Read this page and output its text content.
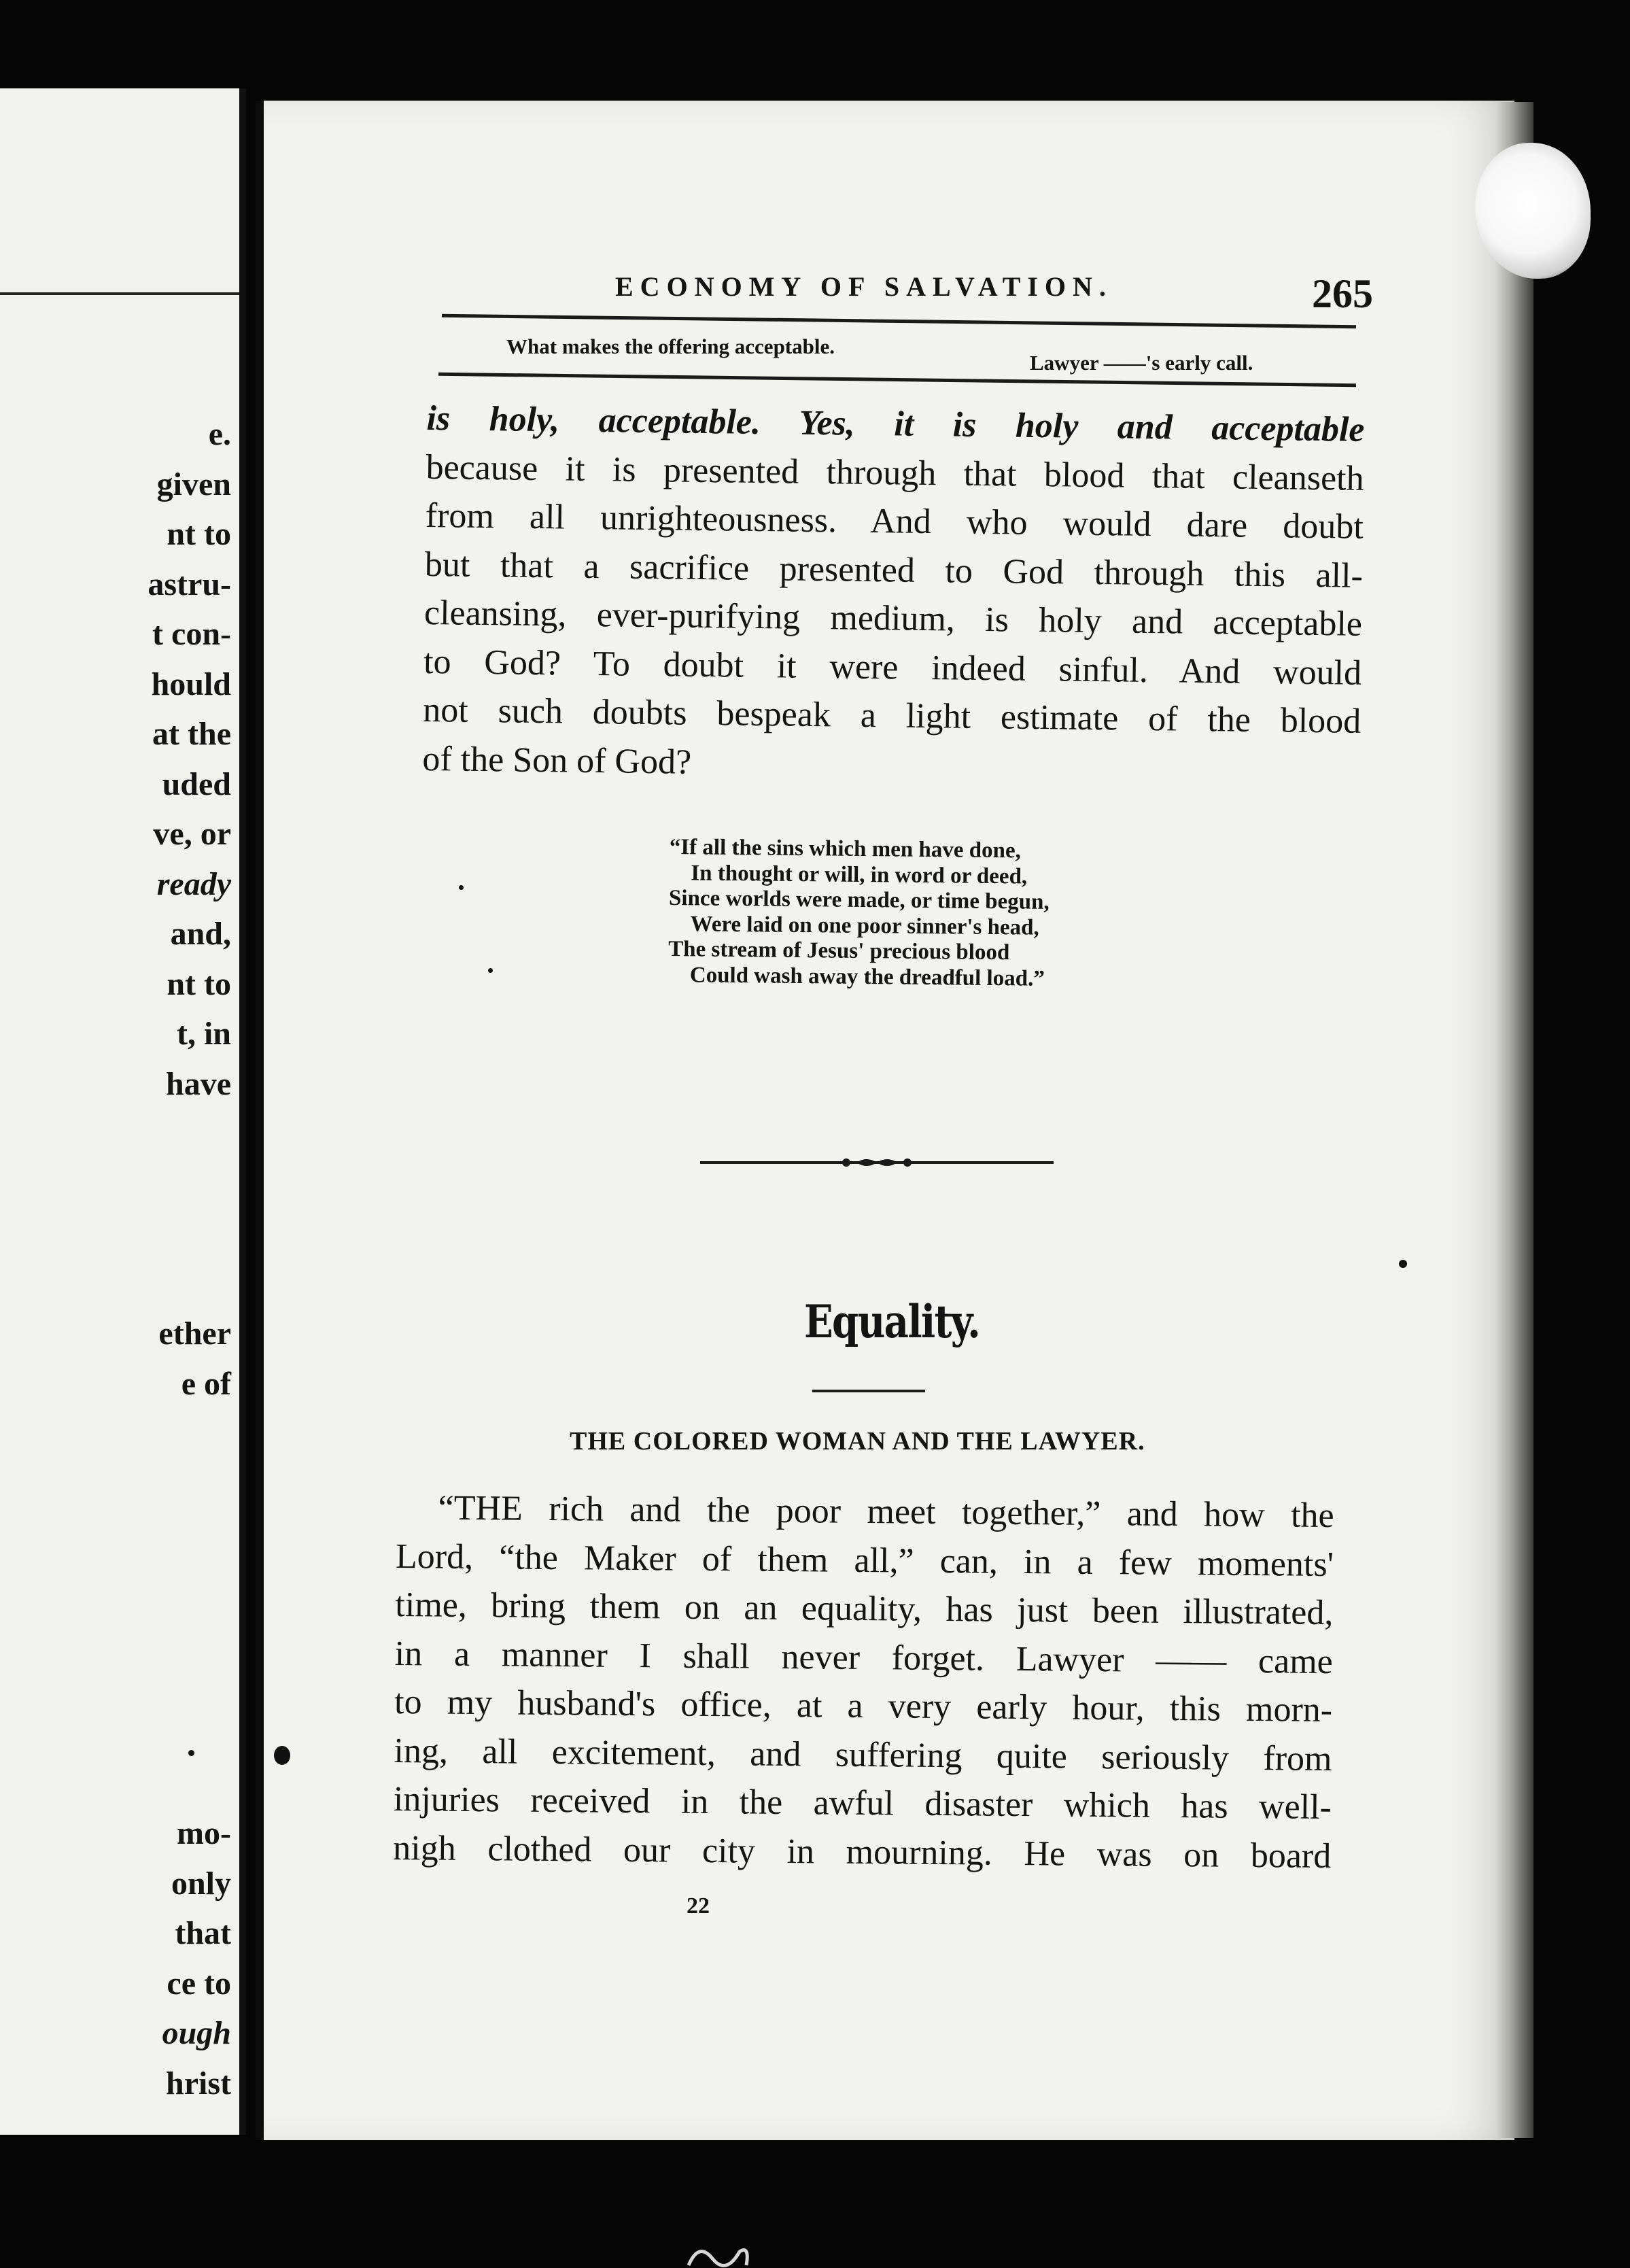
e.
given
nt to
astru-
t con-
hould
at the
uded
ve, or
ready
and,
nt to
t, in
have
ether
e of
mo-
only
that
ce to
ough
hrist

ECONOMY OF SALVATION.	265
What makes the offering acceptable.
Lawyer ——'s early call.
is holy, acceptable. Yes, it is holy and acceptable
because it is presented through that blood that cleanseth
from all unrighteousness. And who would dare doubt
but that a sacrifice presented to God through this all-
cleansing, ever-purifying medium, is holy and acceptable
to God? To doubt it were indeed sinful. And would
not such doubts bespeak a light estimate of the blood
of the Son of God?
“If all the sins which men have done,
In thought or will, in word or deed,
Since worlds were made, or time begun,
Were laid on one poor sinner's head,
The stream of Jesus' precious blood
Could wash away the dreadful load.”
Equality.
THE COLORED WOMAN AND THE LAWYER.
“THE rich and the poor meet together,” and how the
Lord, “the Maker of them all,” can, in a few moments'
time, bring them on an equality, has just been illustrated,
in a manner I shall never forget. Lawyer —— came
to my husband's office, at a very early hour, this morn-
ing, all excitement, and suffering quite seriously from
injuries received in the awful disaster which has well-
nigh clothed our city in mourning. He was on board
22
